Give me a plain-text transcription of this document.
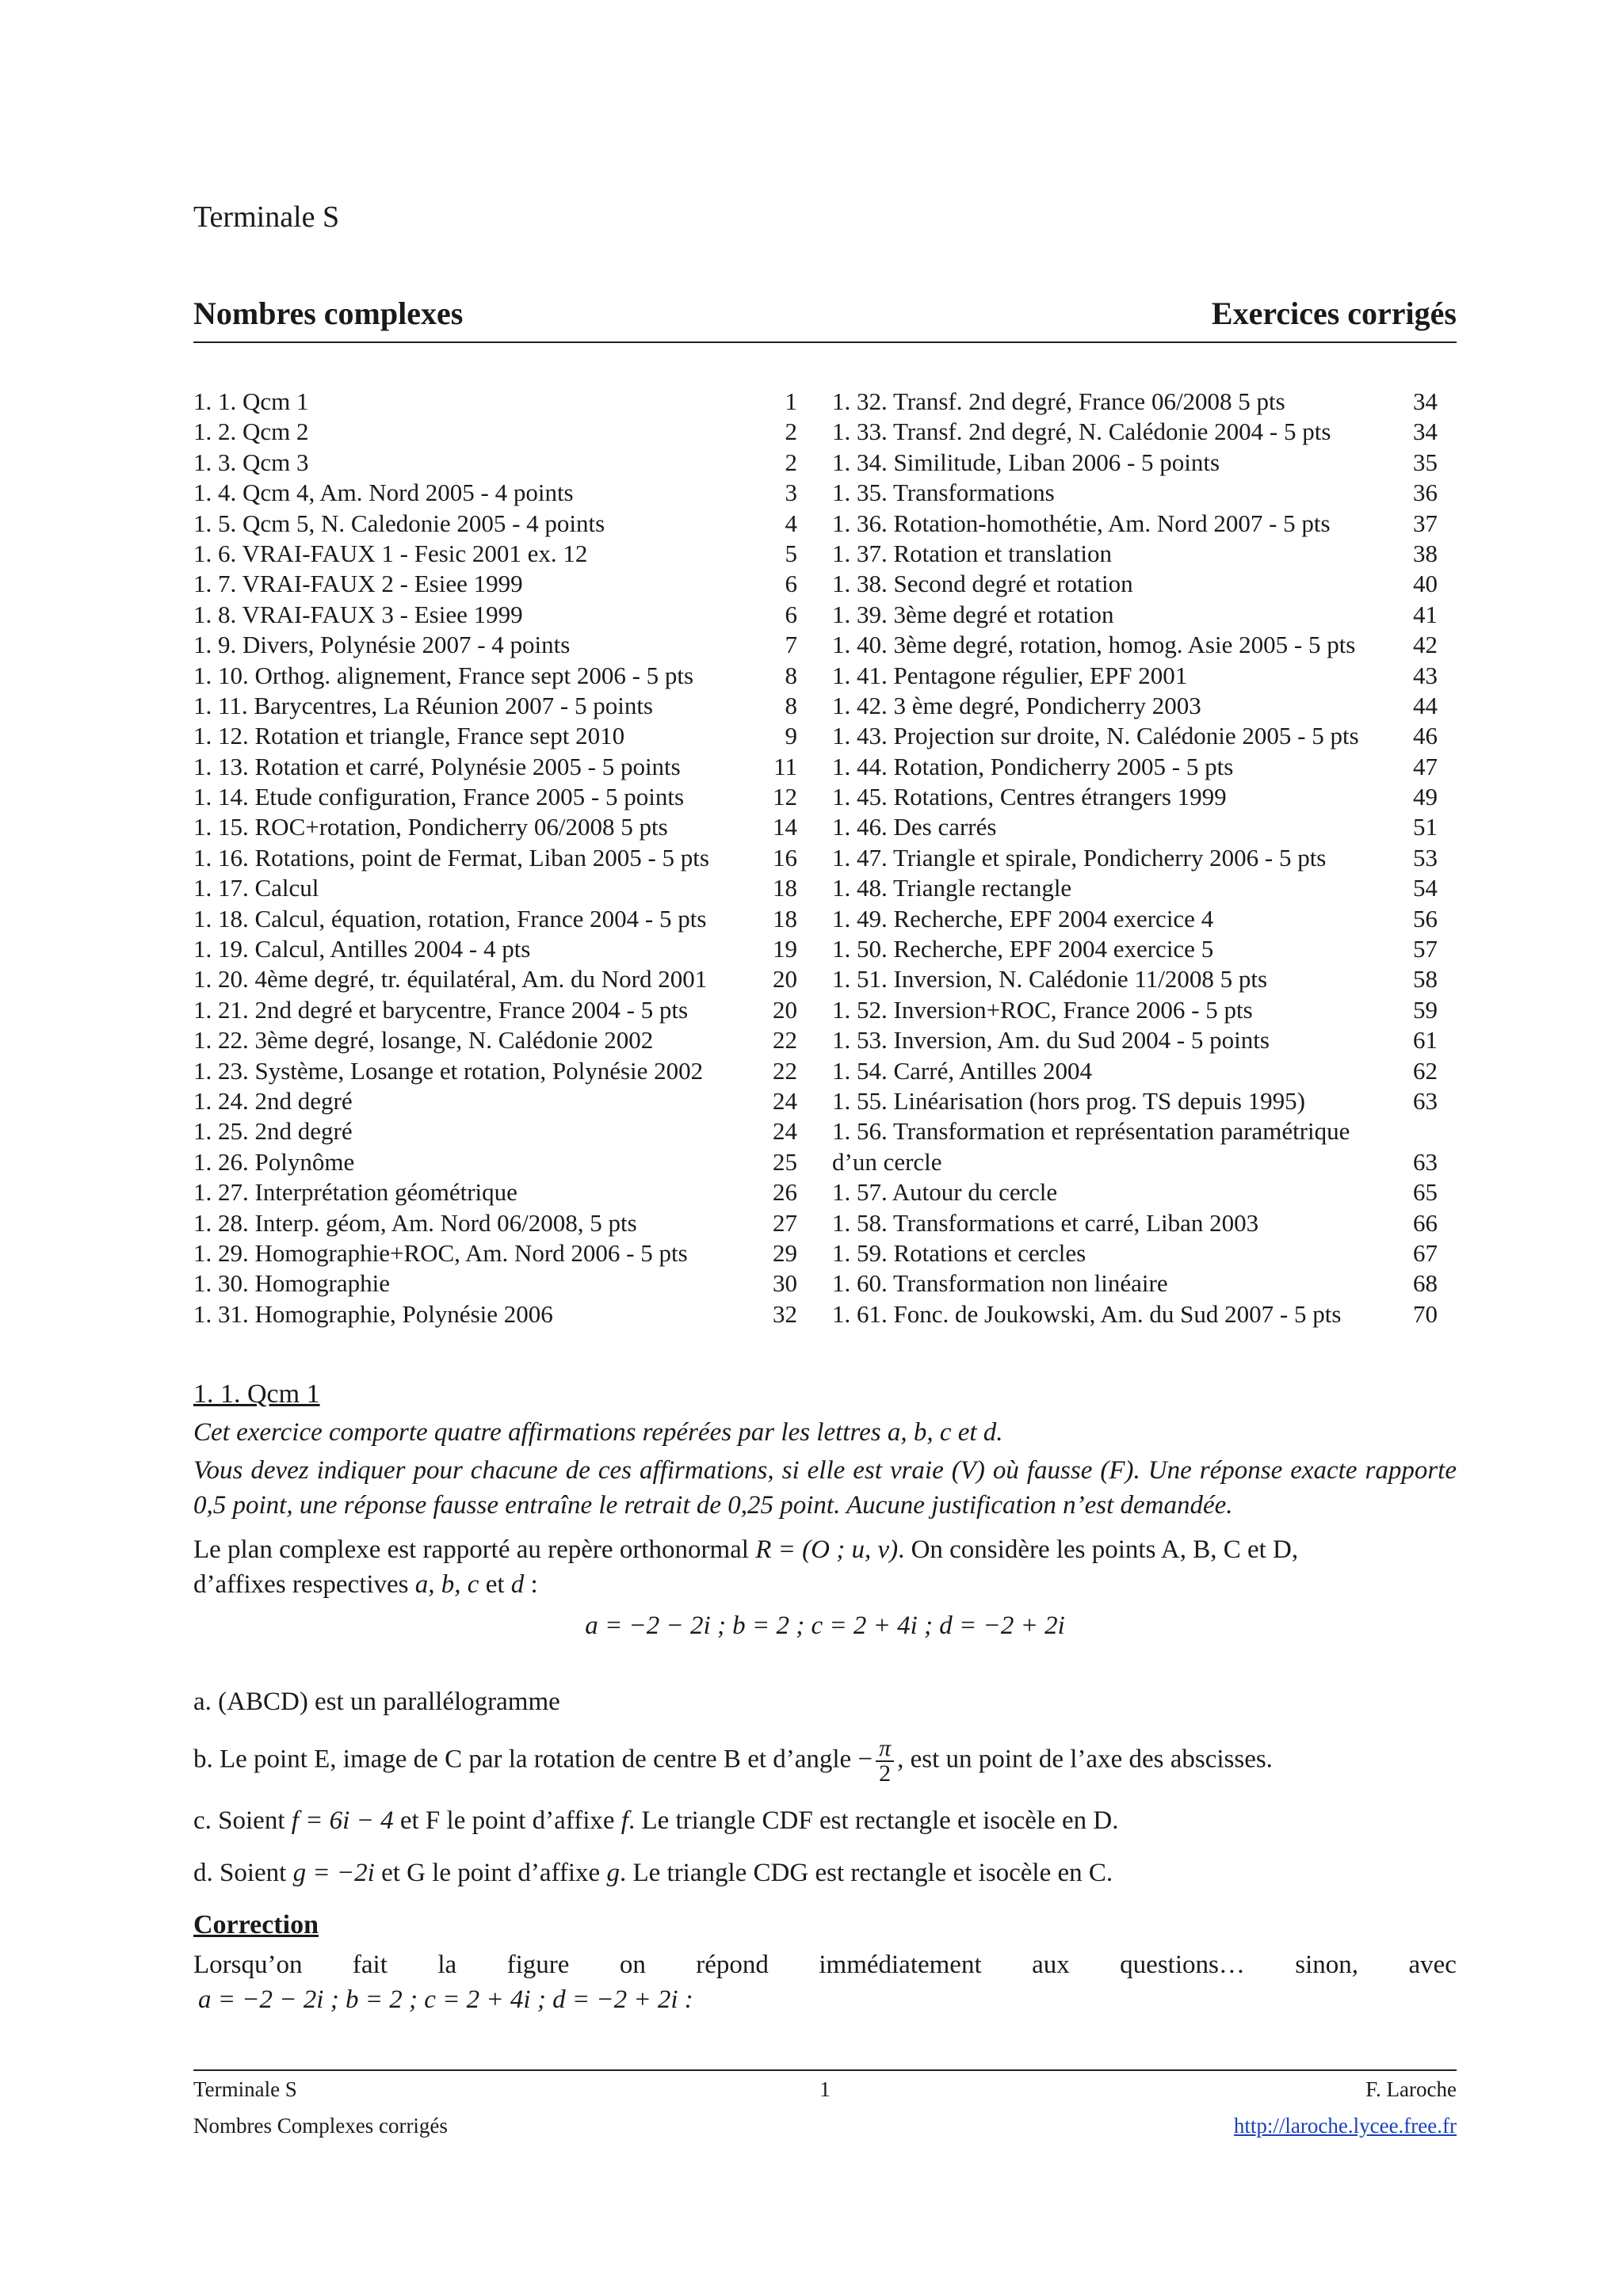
Terminale S
Nombres complexes	Exercices corrigés
1. 1. Qcm 1	1
1. 2. Qcm 2	2
1. 3. Qcm 3	2
1. 4. Qcm 4, Am. Nord 2005 - 4 points	3
1. 5. Qcm 5, N. Caledonie 2005 - 4 points	4
1. 6. VRAI-FAUX 1 - Fesic 2001 ex. 12	5
1. 7. VRAI-FAUX 2 - Esiee 1999	6
1. 8. VRAI-FAUX 3 - Esiee 1999	6
1. 9. Divers, Polynésie 2007 - 4 points	7
1. 10. Orthog. alignement, France sept 2006 - 5 pts	8
1. 11. Barycentres, La Réunion 2007 - 5 points	8
1. 12. Rotation et triangle, France sept 2010	9
1. 13. Rotation et carré, Polynésie 2005 - 5 points	11
1. 14. Etude configuration, France 2005 - 5 points	12
1. 15. ROC+rotation, Pondicherry 06/2008 5 pts	14
1. 16. Rotations, point de Fermat, Liban 2005 - 5 pts	16
1. 17. Calcul	18
1. 18. Calcul, équation, rotation, France 2004 - 5 pts	18
1. 19. Calcul, Antilles 2004 - 4 pts	19
1. 20. 4ème degré, tr. équilatéral, Am. du Nord 2001	20
1. 21. 2nd degré et barycentre, France 2004 - 5 pts	20
1. 22. 3ème degré, losange, N. Calédonie 2002	22
1. 23. Système, Losange et rotation, Polynésie 2002	22
1. 24. 2nd degré	24
1. 25. 2nd degré	24
1. 26. Polynôme	25
1. 27. Interprétation géométrique	26
1. 28. Interp. géom, Am. Nord 06/2008, 5 pts	27
1. 29. Homographie+ROC, Am. Nord 2006 - 5 pts	29
1. 30. Homographie	30
1. 31. Homographie, Polynésie 2006	32
1. 32. Transf. 2nd degré, France 06/2008 5 pts	34
1. 33. Transf. 2nd degré, N. Calédonie 2004 - 5 pts	34
1. 34. Similitude, Liban 2006 - 5 points	35
1. 35. Transformations	36
1. 36. Rotation-homothétie, Am. Nord 2007 - 5 pts	37
1. 37. Rotation et translation	38
1. 38. Second degré et rotation	40
1. 39. 3ème degré et rotation	41
1. 40. 3ème degré, rotation, homog. Asie 2005 - 5 pts 42
1. 41. Pentagone régulier, EPF 2001	43
1. 42. 3 ème degré, Pondicherry 2003	44
1. 43. Projection sur droite, N. Calédonie 2005 - 5 pts 46
1. 44. Rotation, Pondicherry 2005 - 5 pts	47
1. 45. Rotations, Centres étrangers 1999	49
1. 46. Des carrés	51
1. 47. Triangle et spirale, Pondicherry 2006 - 5 pts	53
1. 48. Triangle rectangle	54
1. 49. Recherche, EPF 2004 exercice 4	56
1. 50. Recherche, EPF 2004 exercice 5	57
1. 51. Inversion, N. Calédonie 11/2008 5 pts	58
1. 52. Inversion+ROC, France 2006 - 5 pts	59
1. 53. Inversion, Am. du Sud 2004 - 5 points	61
1. 54. Carré, Antilles 2004	62
1. 55. Linéarisation (hors prog. TS depuis 1995)	63
1. 56. Transformation et représentation paramétrique
d’un cercle	63
1. 57. Autour du cercle	65
1. 58. Transformations et carré, Liban 2003	66
1. 59. Rotations et cercles	67
1. 60. Transformation non linéaire	68
1. 61. Fonc. de Joukowski, Am. du Sud 2007 - 5 pts	70
1. 1. Qcm 1
Cet exercice comporte quatre affirmations repérées par les lettres a, b, c et d.
Vous devez indiquer pour chacune de ces affirmations, si elle est vraie (V) où fausse (F). Une réponse exacte rapporte 0,5 point, une réponse fausse entraîne le retrait de 0,25 point. Aucune justification n’est demandée.
Le plan complexe est rapporté au repère orthonormal R = (O ; u, v). On considère les points A, B, C et D,
d’affixes respectives a, b, c et d :
a = −2 − 2i ; b = 2 ; c = 2 + 4i ; d = −2 + 2i
a. (ABCD) est un parallélogramme
b. Le point E, image de C par la rotation de centre B et d’angle − $\frac{\pi}{2}$ , est un point de l’axe des abscisses.
c. Soient f = 6i − 4 et F le point d’affixe f. Le triangle CDF est rectangle et isocèle en D.
d. Soient g = −2i et G le point d’affixe g. Le triangle CDG est rectangle et isocèle en C.
Correction
Lorsqu’on fait la figure on répond immédiatement aux questions… sinon, avec
a = −2 − 2i ; b = 2 ; c = 2 + 4i ; d = −2 + 2i :
Terminale S	1	F. Laroche
Nombres Complexes corrigés	http://laroche.lycee.free.fr
